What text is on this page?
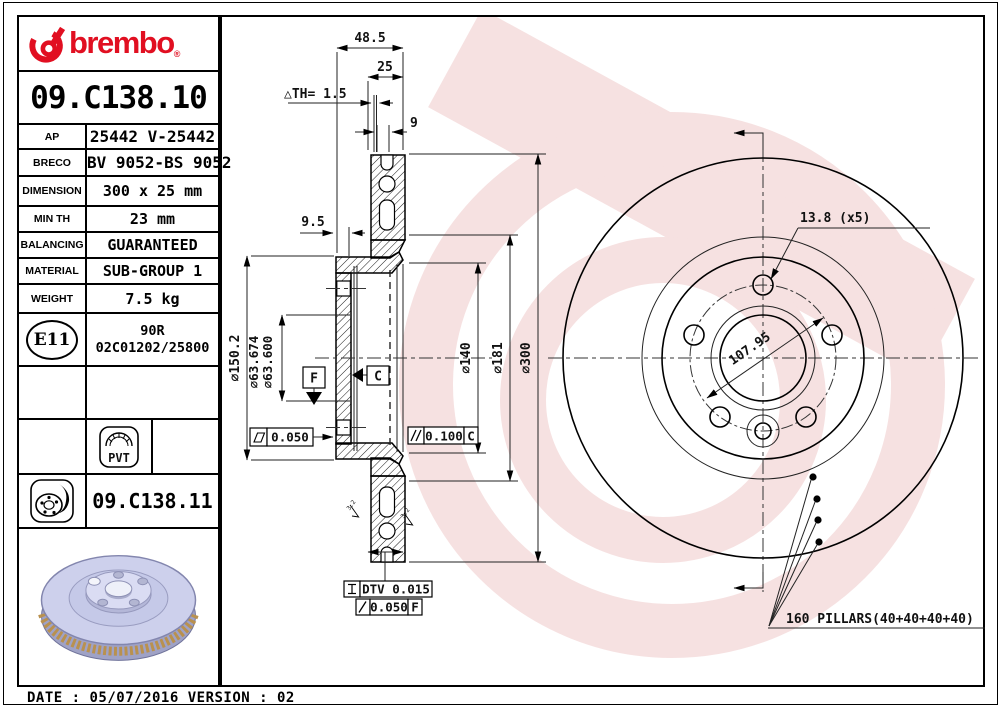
brembo$_®$
09.C138.10
AP	25442 V-25442
BRECO	BV 9052-BS 9052
DIMENSION	300 x 25 mm
MIN TH	23 mm
BALANCING	GUARANTEED
MATERIAL	SUB-GROUP 1
WEIGHT	7.5 kg
E11	90R
02C01202/25800
PVT
09.C138.11
DATE : 05/07/2016 VERSION : 02
48.5
25
△TH= 1.5
9
9.5
⌀150.2 ⌀63.674 ⌀63.600	⌀140 ⌀181 ⌀300
F	C
0.050	0.100 C
DTV 0.015
0.050 F
3.2
3.2
13.8 (x5)
107.95
160 PILLARS(40+40+40+40)
